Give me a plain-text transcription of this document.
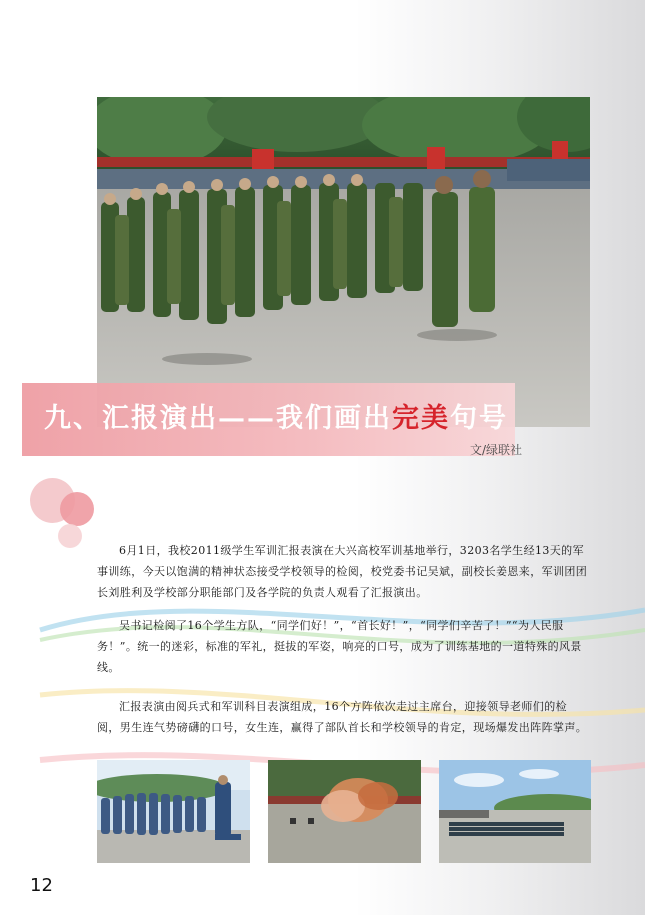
九、汇报演出——我们画出完美句号
文/绿联社

6月1日，我校2011级学生军训汇报表演在大兴高校军训基地举行，3203名学生经13天的军事训练，今天以饱满的精神状态接受学校领导的检阅，校党委书记吴斌，副校长姜恩来，军训团团长刘胜利及学校部分职能部门及各学院的负责人观看了汇报演出。

吴书记检阅了16个学生方队，“同学们好！”，“首长好！”，“同学们辛苦了！”“为人民服务！”。统一的迷彩，标准的军礼，挺拔的军姿，响亮的口号，成为了训练基地的一道特殊的风景线。

汇报表演由阅兵式和军训科目表演组成，16个方阵依次走过主席台，迎接领导老师们的检阅，男生连气势磅礴的口号，女生连，赢得了部队首长和学校领导的肯定，现场爆发出阵阵掌声。

12
